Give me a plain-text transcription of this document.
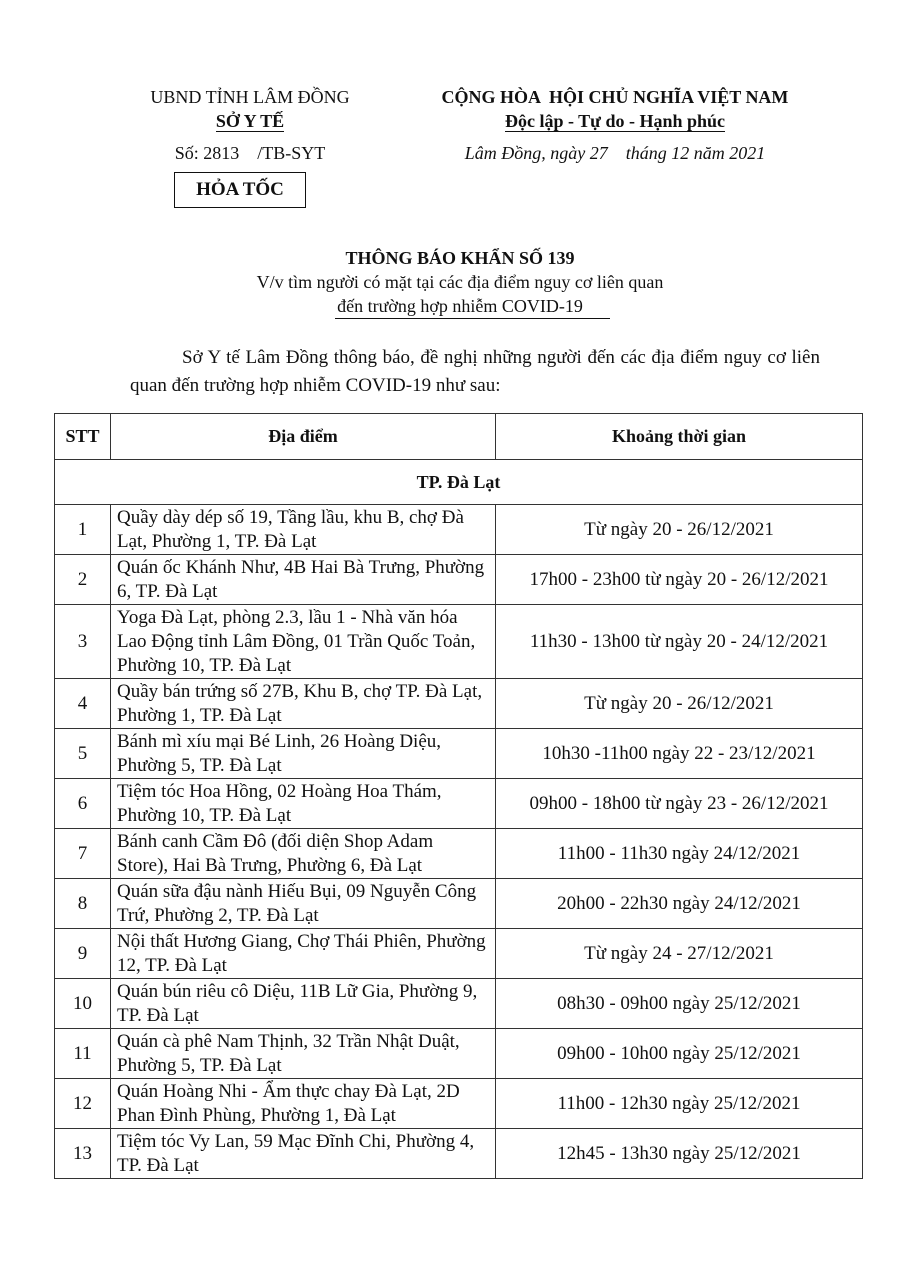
UBND TỈNH LÂM ĐỒNG
SỞ Y TẾ
Số: 2813    /TB-SYT
HỎA TỐC
CỘNG HÒA  HỘI CHỦ NGHĨA VIỆT NAM
Độc lập - Tự do - Hạnh phúc
Lâm Đồng, ngày 27    tháng 12 năm 2021
THÔNG BÁO KHẨN SỐ 139
V/v tìm người có mặt tại các địa điểm nguy cơ liên quan
đến trường hợp nhiễm COVID-19
Sở Y tế Lâm Đồng thông báo, đề nghị những người đến các địa điểm nguy cơ liên quan đến trường hợp nhiễm COVID-19 như sau:
STT	Địa điểm	Khoảng thời gian
TP. Đà Lạt		
1	Quầy dày dép số 19, Tầng lầu, khu B, chợ Đà Lạt, Phường 1, TP. Đà Lạt	Từ ngày 20 - 26/12/2021
2	Quán ốc Khánh Như, 4B Hai Bà Trưng, Phường 6, TP. Đà Lạt	17h00 - 23h00 từ ngày 20 - 26/12/2021
3	Yoga Đà Lạt, phòng 2.3, lầu 1 - Nhà văn hóa Lao Động tỉnh Lâm Đồng, 01 Trần Quốc Toản, Phường 10, TP. Đà Lạt	11h30 - 13h00 từ ngày 20 - 24/12/2021
4	Quầy bán trứng số 27B, Khu B, chợ TP. Đà Lạt, Phường 1, TP. Đà Lạt	Từ ngày 20 - 26/12/2021
5	Bánh mì xíu mại Bé Linh, 26 Hoàng Diệu, Phường 5, TP. Đà Lạt	10h30 -11h00 ngày 22 - 23/12/2021
6	Tiệm tóc Hoa Hồng, 02 Hoàng Hoa Thám, Phường 10, TP. Đà Lạt	09h00 - 18h00 từ ngày 23 - 26/12/2021
7	Bánh canh Cầm Đô (đối diện Shop Adam Store), Hai Bà Trưng, Phường 6, Đà Lạt	11h00 - 11h30 ngày 24/12/2021
8	Quán sữa đậu nành Hiếu Bụi, 09 Nguyễn Công Trứ, Phường 2, TP. Đà Lạt	20h00 - 22h30 ngày 24/12/2021
9	Nội thất Hương Giang, Chợ Thái Phiên, Phường 12, TP. Đà Lạt	Từ ngày 24 - 27/12/2021
10	Quán bún riêu cô Diệu, 11B Lữ Gia, Phường 9, TP. Đà Lạt	08h30 - 09h00 ngày 25/12/2021
11	Quán cà phê Nam Thịnh, 32 Trần Nhật Duật, Phường 5, TP. Đà Lạt	09h00 - 10h00 ngày 25/12/2021
12	Quán Hoàng Nhi - Ẩm thực chay Đà Lạt, 2D Phan Đình Phùng, Phường 1, Đà Lạt	11h00 - 12h30 ngày 25/12/2021
13	Tiệm tóc Vy Lan, 59 Mạc Đĩnh Chi, Phường 4, TP. Đà Lạt	12h45 - 13h30 ngày 25/12/2021
